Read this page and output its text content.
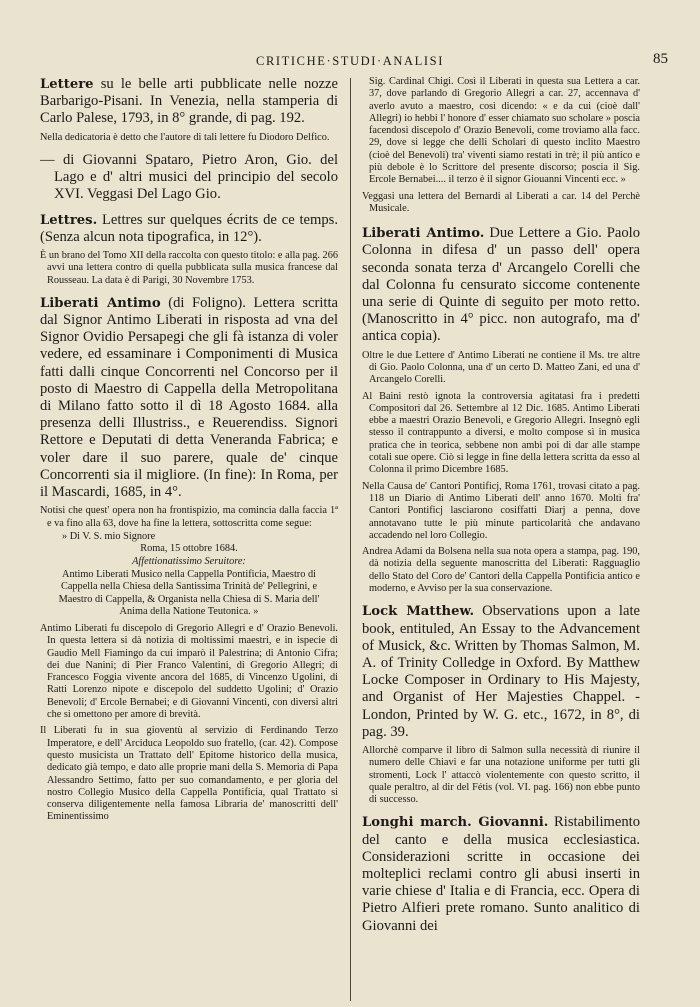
CRITICHE·STUDI·ANALISI	85

Lettere su le belle arti pubblicate nelle nozze Barbarigo-Pisani. In Venezia, nella stamperia di Carlo Palese, 1793, in 8° grande, di pag. 192.

Nella dedicatoria è detto che l'autore di tali lettere fu Diodoro Delfico.

— di Giovanni Spataro, Pietro Aron, Gio. del Lago e d' altri musici del principio del secolo XVI. Veggasi Del Lago Gio.

Lettres. Lettres sur quelques écrits de ce temps. (Senza alcun nota tipografica, in 12°).

È un brano del Tomo XII della raccolta con questo titolo: e alla pag. 266 avvi una lettera contro di quella pubblicata sulla musica francese dal Rousseau. La data è di Parigi, 30 Novembre 1753.

Liberati Antimo (di Foligno). Lettera scritta dal Signor Antimo Liberati in risposta ad vna del Signor Ovidio Persapegi che gli fà istanza di voler vedere, ed essaminare i Componimenti di Musica fatti dalli cinque Concorrenti nel Concorso per il posto di Maestro di Cappella della Metropolitana di Milano fatto sotto il dì 18 Agosto 1684. alla presenza delli Illustriss., e Reuerendiss. Signori Rettore e Deputati di detta Veneranda Fabrica; e voler dare il suo parere, quale de' cinque Concorrenti sia il migliore. (In fine): In Roma, per il Mascardi, 1685, in 4°.

Notisi che quest' opera non ha frontispizio, ma comincia dalla faccia 1ª e va fino alla 63, dove ha fine la lettera, sottoscritta come segue:

» Di V. S. mio Signore
Roma, 15 ottobre 1684.
Affettionatissimo Seruitore:
Antimo Liberati Musico nella Cappella Pontificia, Maestro di Cappella nella Chiesa della Santissima Trinità de' Pellegrini, e Maestro di Cappella, & Organista nella Chiesa di S. Maria dell' Anima della Natione Teutonica. »

Antimo Liberati fu discepolo di Gregorio Allegri e d' Orazio Benevoli. In questa lettera si dà notizia di moltissimi maestri, e in ispecie di Gaudio Mell Fiamingo da cui imparò il Palestrina; di Antonio Cifra; dei due Nanini; di Pier Franco Valentini, di Gregorio Allegri; di Francesco Foggia vivente ancora del 1685, di Vincenzo Ugolini, di Ratti Lorenzo nipote e discepolo del suddetto Ugolini; d' Orazio Benevoli; d' Ercole Bernabei; e di Giovanni Vincenti, con diversi altri che si omettono per amore di brevità.

Il Liberati fu in sua gioventù al servizio di Ferdinando Terzo Imperatore, e dell' Arciduca Leopoldo suo fratello, (car. 42). Compose questo musicista un Trattato dell' Epitome historico della musica, dedicato già tempo, e dato alle proprie mani della S. Memoria di Papa Alessandro Settimo, fatto per suo comandamento, e per gloria del nostro Collegio Musico della Cappella Pontificia, qual Trattato si conserva diligentemente nella famosa Libraria de' manoscritti dell' Eminentissimo

Sig. Cardinal Chigi. Così il Liberati in questa sua Lettera a car. 37, dove parlando di Gregorio Allegri a car. 27, accennava d' averlo avuto a maestro, così dicendo: « e da cui (cioè dall' Allegri) io hebbi l' honore d' esser chiamato suo scholare » poscia facendosi discepolo d' Orazio Benevoli, come troviamo alla facc. 29, dove si legge che delli Scholari di questo inclito Maestro (cioè del Benevoli) tra' viventi siamo restati in trè; il più antico e più debole è lo Scrittore del presente discorso; poscia il Sig. Ercole Bernabei.... il terzo è il signor Giouanni Vincenti ecc. »

Veggasi una lettera del Bernardi al Liberati a car. 14 del Perchè Musicale.

Liberati Antimo. Due Lettere a Gio. Paolo Colonna in difesa d' un passo dell' opera seconda sonata terza d' Arcangelo Corelli che dal Colonna fu censurato siccome contenente una serie di Quinte di seguito per moto retto. (Manoscritto in 4° picc. non autografo, ma d' antica copia).

Oltre le due Lettere d' Antimo Liberati ne contiene il Ms. tre altre di Gio. Paolo Colonna, una d' un certo D. Matteo Zani, ed una d' Arcangelo Corelli.

Al Baini restò ignota la controversia agitatasi fra i predetti Compositori dal 26. Settembre al 12 Dic. 1685. Antimo Liberati ebbe a maestri Orazio Benevoli, e Gregorio Allegri. Insegnò egli stesso il contrappunto a diversi, e molto compose sì in musica pratica che in teorica, sebbene non ambì poi di dar alle stampe cotali sue opere. Ciò si legge in fine della lettera scritta da esso al Colonna il primo Dicembre 1685.

Nella Causa de' Cantori Pontificj, Roma 1761, trovasi citato a pag. 118 un Diario di Antimo Liberati dell' anno 1670. Molti fra' Cantori Pontificj lasciarono cosiffatti Diarj a penna, dove annotavano tutte le più minute particolarità che andavano accadendo nel loro Collegio.

Andrea Adami da Bolsena nella sua nota opera a stampa, pag. 190, dà notizia della seguente manoscritta del Liberati: Ragguaglio dello Stato del Coro de' Cantori della Cappella Pontificia antico e moderno, e Avviso per la sua conservazione.

Lock Matthew. Observations upon a late book, entituled, An Essay to the Advancement of Musick, &c. Written by Thomas Salmon, M. A. of Trinity Colledge in Oxford. By Matthew Locke Composer in Ordinary to His Majesty, and Organist of Her Majesties Chappel. - London, Printed by W. G. etc., 1672, in 8°, di pag. 39.

Allorchè comparve il libro di Salmon sulla necessità di riunire il numero delle Chiavi e far una notazione uniforme per tutti gli stromenti, Lock l' attaccò violentemente con questo scritto, il quale peraltro, al dir del Fétis (vol. VI. pag. 166) non ebbe punto di successo.

Longhi march. Giovanni. Ristabilimento del canto e della musica ecclesiastica. Considerazioni scritte in occasione dei molteplici reclami contro gli abusi inserti in varie chiese d' Italia e di Francia, ecc. Opera di Pietro Alfieri prete romano. Sunto analitico di Giovanni dei
